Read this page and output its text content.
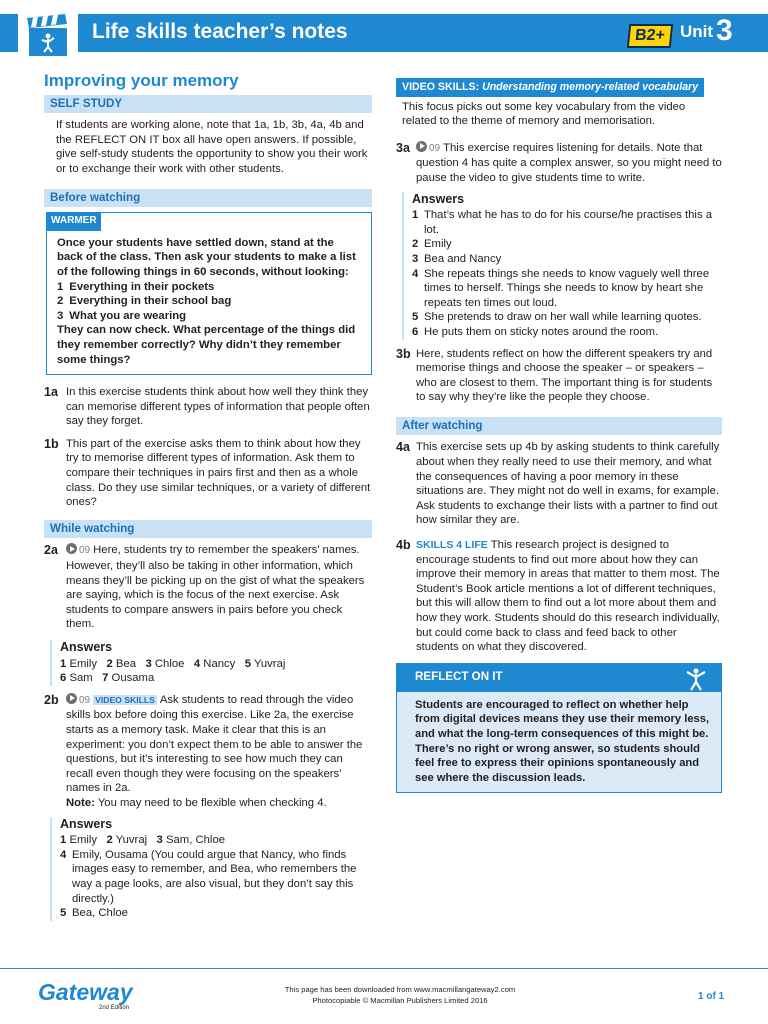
Life skills teacher’s notes	B2+ Unit 3
Improving your memory
SELF STUDY
If students are working alone, note that 1a, 1b, 3b, 4a, 4b and the REFLECT ON IT box all have open answers. If possible, give self-study students the opportunity to show you their work or to exchange their work with other students.
Before watching
WARMER
Once your students have settled down, stand at the back of the class. Then ask your students to make a list of the following things in 60 seconds, without looking:
1 Everything in their pockets
2 Everything in their school bag
3 What you are wearing
They can now check. What percentage of the things did they remember correctly? Why didn’t they remember some things?
1a In this exercise students think about how well they think they can memorise different types of information that people often say they forget.
1b This part of the exercise asks them to think about how they try to memorise different types of information. Ask them to compare their techniques in pairs first and then as a whole class. Do they use similar techniques, or a variety of different ones?
While watching
2a	09 Here, students try to remember the speakers’ names. However, they’ll also be taking in other information, which means they’ll be picking up on the gist of what the speakers are saying, which is the focus of the next exercise. Ask students to compare answers in pairs before you check them.
Answers
1 Emily 2 Bea 3 Chloe 4 Nancy 5 Yuvraj
6 Sam 7 Ousama
2b	09 VIDEO SKILLS Ask students to read through the video skills box before doing this exercise. Like 2a, the exercise starts as a memory task. Make it clear that this is an experiment: you don’t expect them to be able to answer the questions, but it’s interesting to see how much they can recall even though they were focusing on the speakers’ names in 2a.
Note: You may need to be flexible when checking 4.
Answers
1 Emily 2 Yuvraj 3 Sam, Chloe
4 Emily, Ousama (You could argue that Nancy, who finds images easy to remember, and Bea, who remembers the way a page looks, are also visual, but they don’t say this directly.)
5 Bea, Chloe
VIDEO SKILLS: Understanding memory-related vocabulary
This focus picks out some key vocabulary from the video related to the theme of memory and memorisation.
3a	09 This exercise requires listening for details. Note that question 4 has quite a complex answer, so you might need to pause the video to give students time to write.
Answers
1 That’s what he has to do for his course/he practises this a lot.
2 Emily
3 Bea and Nancy
4 She repeats things she needs to know vaguely well three times to herself. Things she needs to know by heart she repeats ten times out loud.
5 She pretends to draw on her wall while learning quotes.
6 He puts them on sticky notes around the room.
3b Here, students reflect on how the different speakers try and memorise things and choose the speaker – or speakers – who are closest to them. The important thing is for students to say why they’re like the people they choose.
After watching
4a This exercise sets up 4b by asking students to think carefully about when they really need to use their memory, and what the consequences of having a poor memory in these situations are. They might not do well in exams, for example. Ask students to exchange their lists with a partner to find out how similar they are.
4b SKILLS 4 LIFE This research project is designed to encourage students to find out more about how they can improve their memory in areas that matter to them most. The Student’s Book article mentions a lot of different techniques, but this will allow them to find out a lot more about them and how they work. Students should do this research individually, but could come back to class and feed back to other students on what they discovered.
REFLECT ON IT
Students are encouraged to reflect on whether help from digital devices means they use their memory less, and what the long-term consequences of this might be. There’s no right or wrong answer, so students should feel free to express their opinions spontaneously and see where the discussion leads.
Gateway
2nd Edition
This page has been downloaded from www.macmillangateway2.com
Photocopiable © Macmillan Publishers Limited 2016	1 of 1
